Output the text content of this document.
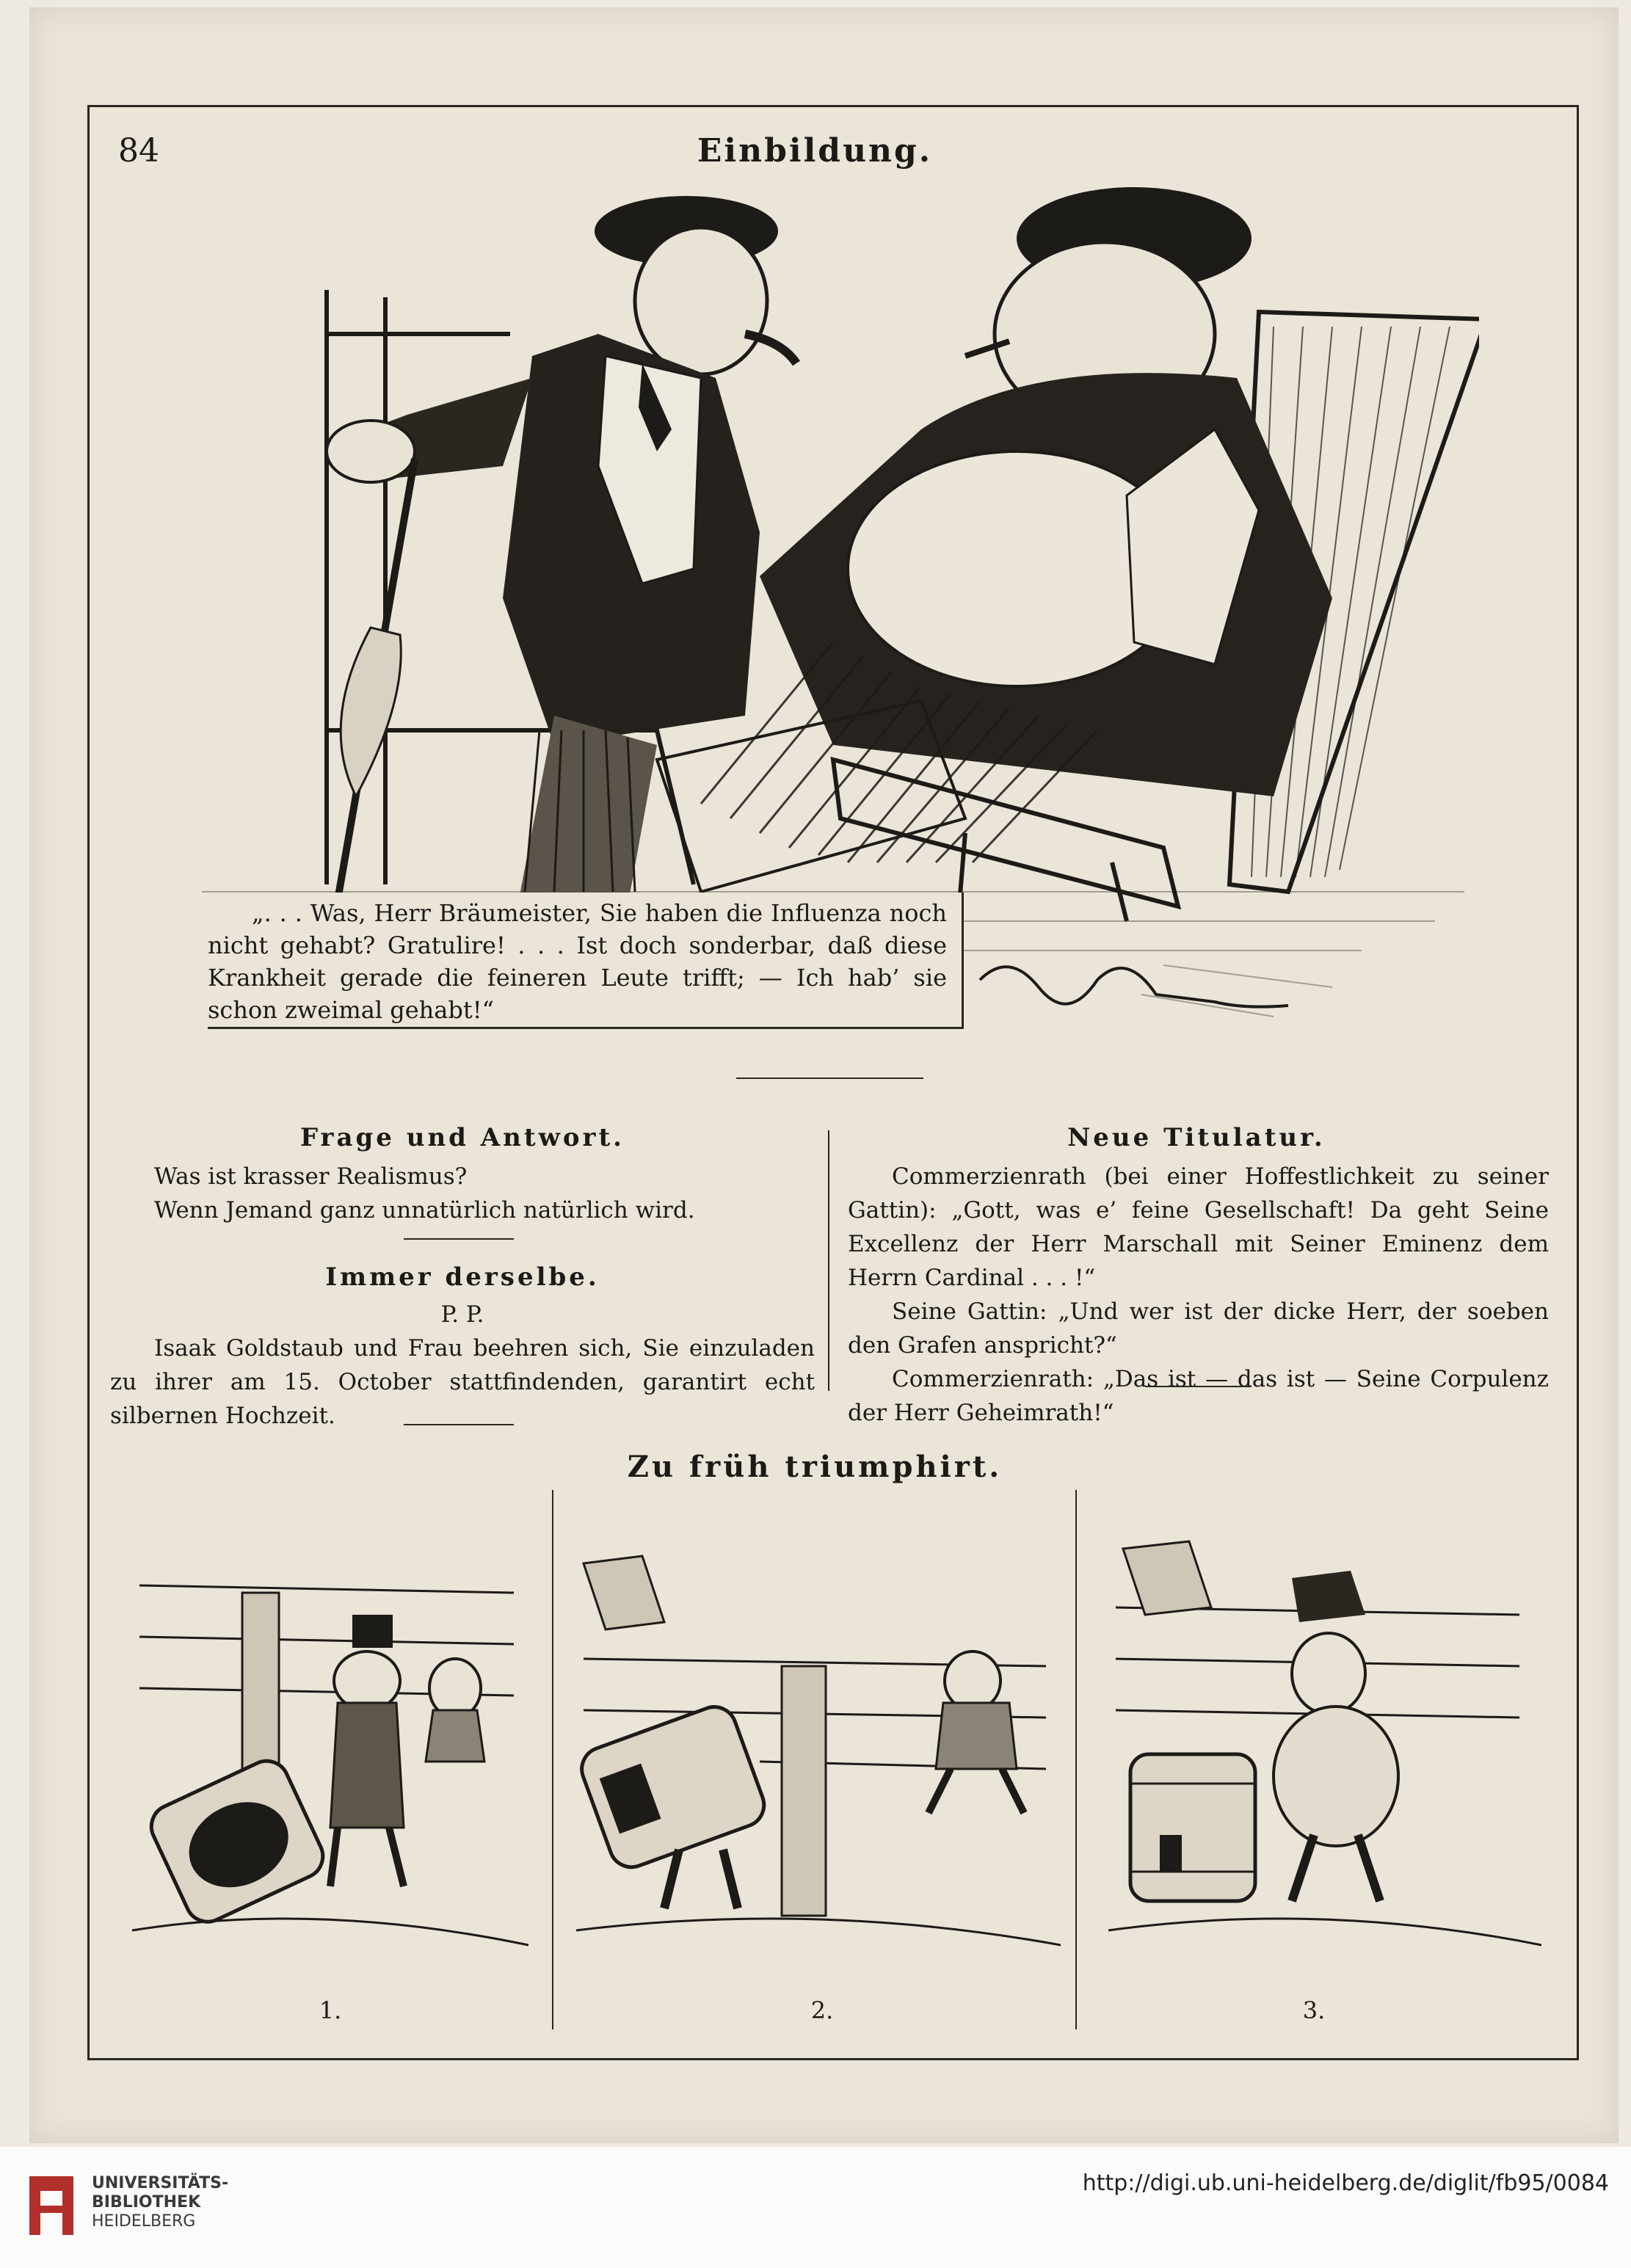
84	Einbildung.

„. . . Was, Herr Bräumeister, Sie haben die Influenza noch nicht gehabt? Gratulire! . . . Ist doch sonderbar, daß diese Krankheit gerade die feineren Leute trifft; — Ich hab’ sie schon zweimal gehabt!“

Frage und Antwort.

Was ist krasser Realismus?

Wenn Jemand ganz unnatürlich natürlich wird.

Immer derselbe.
P. P.

Isaak Goldstaub und Frau beehren sich, Sie einzuladen zu ihrer am 15. October stattfindenden, garantirt echt silbernen Hochzeit.

Neue Titulatur.

Commerzienrath (bei einer Hoffestlichkeit zu seiner Gattin): „Gott, was e’ feine Gesellschaft! Da geht Seine Excellenz der Herr Marschall mit Seiner Eminenz dem Herrn Cardinal . . . !“

Seine Gattin: „Und wer ist der dicke Herr, der soeben den Grafen anspricht?“

Commerzienrath: „Das ist — das ist — Seine Corpulenz der Herr Geheimrath!“

Zu früh triumphirt.
1.	2.	3.
UNIVERSITÄTS-
BIBLIOTHEK
HEIDELBERG
http://digi.ub.uni-heidelberg.de/diglit/fb95/0084
